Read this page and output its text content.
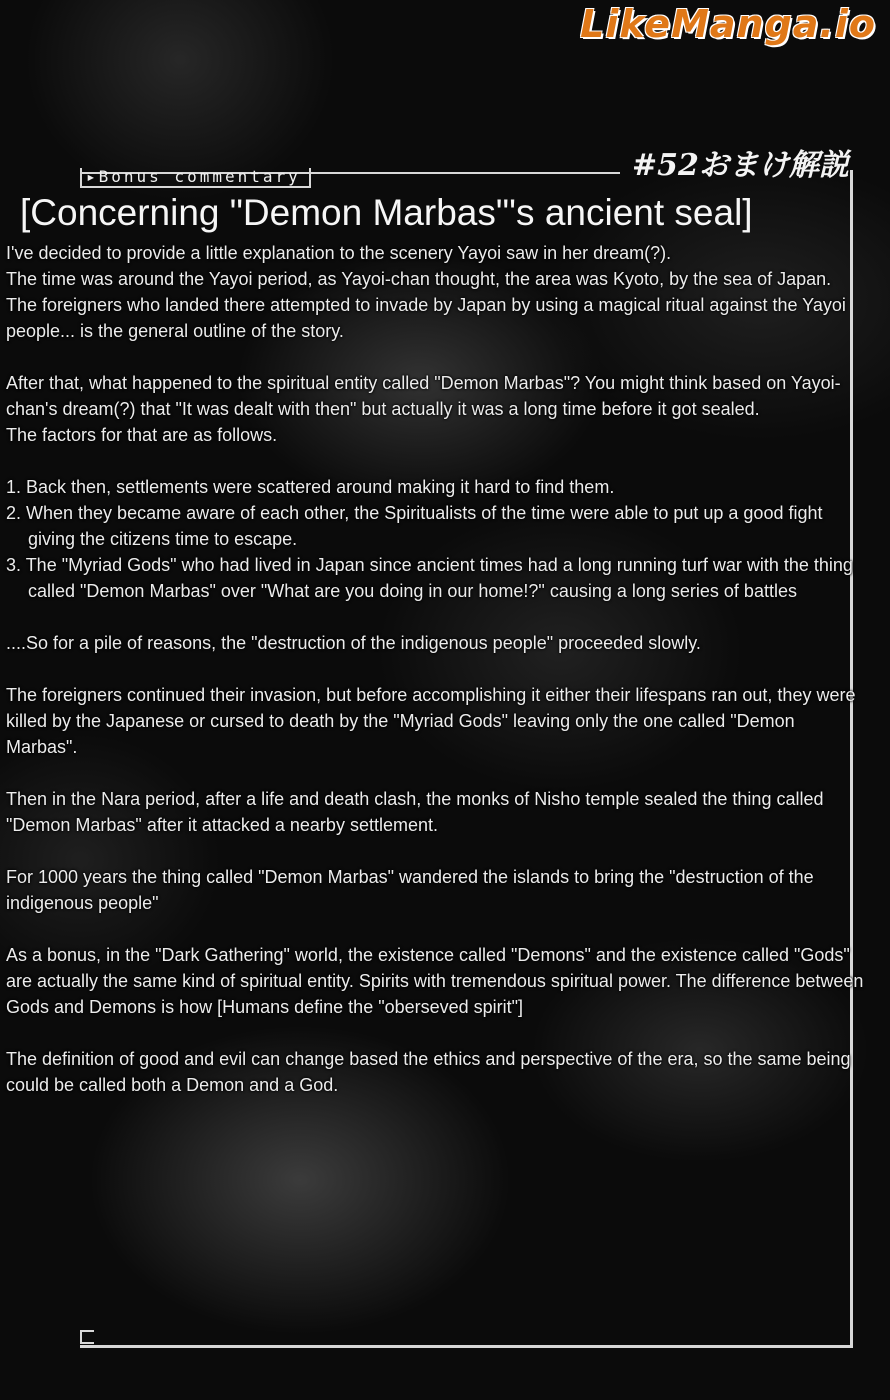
LikeManga.io
▸Bonus commentary	#52おまけ解説
[Concerning "Demon Marbas"'s ancient seal]

I've decided to provide a little explanation to the scenery Yayoi saw in her dream(?).
The time was around the Yayoi period, as Yayoi-chan thought, the area was Kyoto, by the sea of Japan. The foreigners who landed there attempted to invade by Japan by using a magical ritual against the Yayoi people... is the general outline of the story.

After that, what happened to the spiritual entity called "Demon Marbas"? You might think based on Yayoi-chan's dream(?) that "It was dealt with then" but actually it was a long time before it got sealed.
The factors for that are as follows.

1. Back then, settlements were scattered around making it hard to find them.
2. When they became aware of each other, the Spiritualists of the time were able to put up a good fight giving the citizens time to escape.
3. The "Myriad Gods" who had lived in Japan since ancient times had a long running turf war with the thing called "Demon Marbas" over "What are you doing in our home!?" causing a long series of battles

....So for a pile of reasons, the "destruction of the indigenous people" proceeded slowly.

The foreigners continued their invasion, but before accomplishing it either their lifespans ran out, they were killed by the Japanese or cursed to death by the "Myriad Gods" leaving only the one called "Demon Marbas".

Then in the Nara period, after a life and death clash, the monks of Nisho temple sealed the thing called "Demon Marbas" after it attacked a nearby settlement.

For 1000 years the thing called "Demon Marbas" wandered the islands to bring the "destruction of the indigenous people"

As a bonus, in the "Dark Gathering" world, the existence called "Demons" and the existence called "Gods" are actually the same kind of spiritual entity. Spirits with tremendous spiritual power. The difference between Gods and Demons is how [Humans define the "oberseved spirit"]

The definition of good and evil can change based the ethics and perspective of the era, so the same being could be called both a Demon and a God.
